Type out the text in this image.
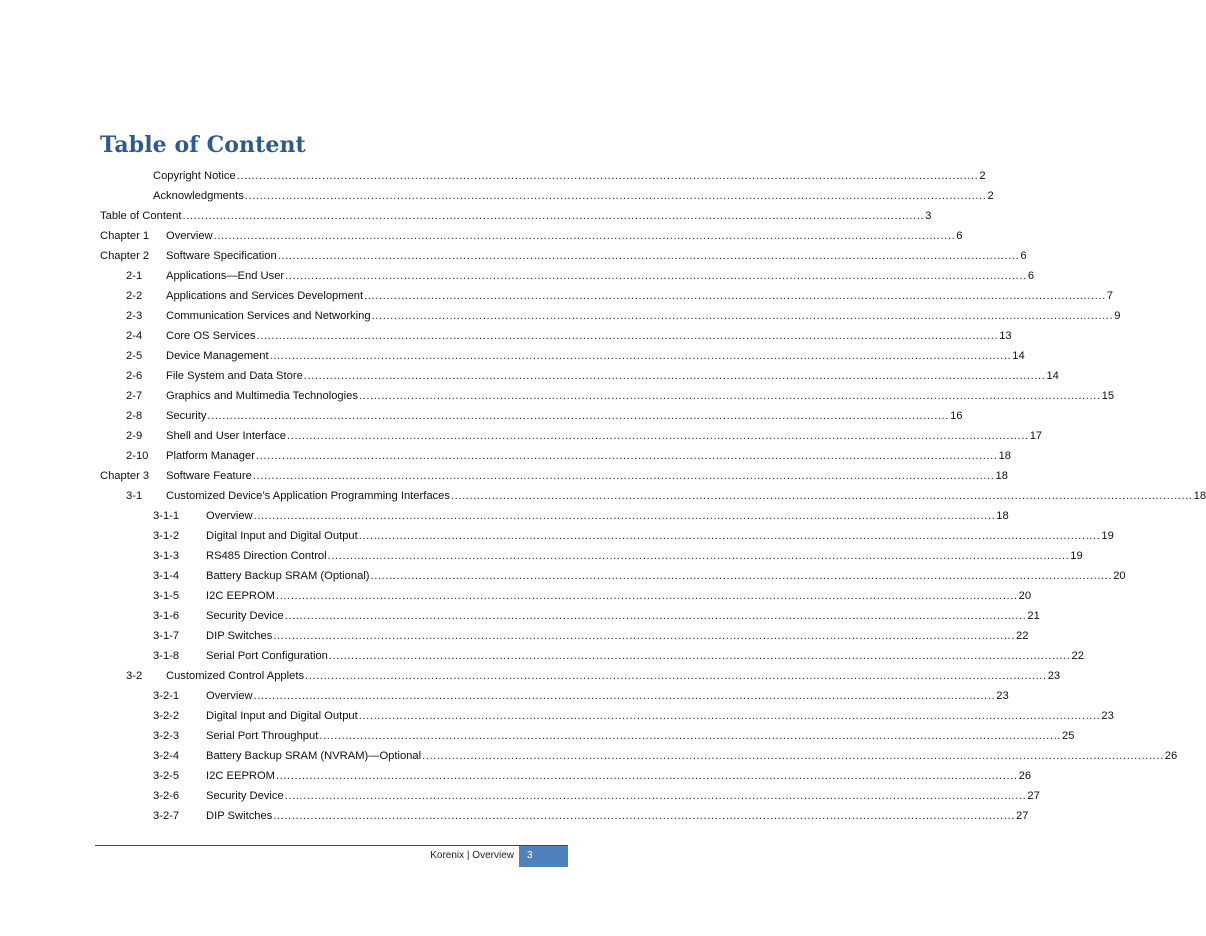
Table of Content
Copyright Notice ........................................................................................................................................................................................................ 2
Acknowledgments ........................................................................................................................................................................................................ 2
Table of Content ........................................................................................................................................................................................................ 3
Chapter 1 Overview ........................................................................................................................................................................................................ 6
Chapter 2 Software Specification ........................................................................................................................................................................................................ 6
2-1 Applications—End User ........................................................................................................................................................................................................ 6
2-2 Applications and Services Development ........................................................................................................................................................................................................ 7
2-3 Communication Services and Networking ........................................................................................................................................................................................................ 9
2-4 Core OS Services ........................................................................................................................................................................................................ 13
2-5 Device Management ........................................................................................................................................................................................................ 14
2-6 File System and Data Store ........................................................................................................................................................................................................ 14
2-7 Graphics and Multimedia Technologies ........................................................................................................................................................................................................ 15
2-8 Security ........................................................................................................................................................................................................ 16
2-9 Shell and User Interface ........................................................................................................................................................................................................ 17
2-10 Platform Manager ........................................................................................................................................................................................................ 18
Chapter 3 Software Feature ........................................................................................................................................................................................................ 18
3-1 Customized Device’s Application Programming Interfaces ........................................................................................................................................................................................................ 18
3-1-1 Overview ........................................................................................................................................................................................................ 18
3-1-2 Digital Input and Digital Output ........................................................................................................................................................................................................ 19
3-1-3 RS485 Direction Control ........................................................................................................................................................................................................ 19
3-1-4 Battery Backup SRAM (Optional) ........................................................................................................................................................................................................ 20
3-1-5 I2C EEPROM ........................................................................................................................................................................................................ 20
3-1-6 Security Device ........................................................................................................................................................................................................ 21
3-1-7 DIP Switches ........................................................................................................................................................................................................ 22
3-1-8 Serial Port Configuration ........................................................................................................................................................................................................ 22
3-2 Customized Control Applets ........................................................................................................................................................................................................ 23
3-2-1 Overview ........................................................................................................................................................................................................ 23
3-2-2 Digital Input and Digital Output ........................................................................................................................................................................................................ 23
3-2-3 Serial Port Throughput ........................................................................................................................................................................................................ 25
3-2-4 Battery Backup SRAM (NVRAM)—Optional ........................................................................................................................................................................................................ 26
3-2-5 I2C EEPROM ........................................................................................................................................................................................................ 26
3-2-6 Security Device ........................................................................................................................................................................................................ 27
3-2-7 DIP Switches ........................................................................................................................................................................................................ 27
Korenix | Overview	3
